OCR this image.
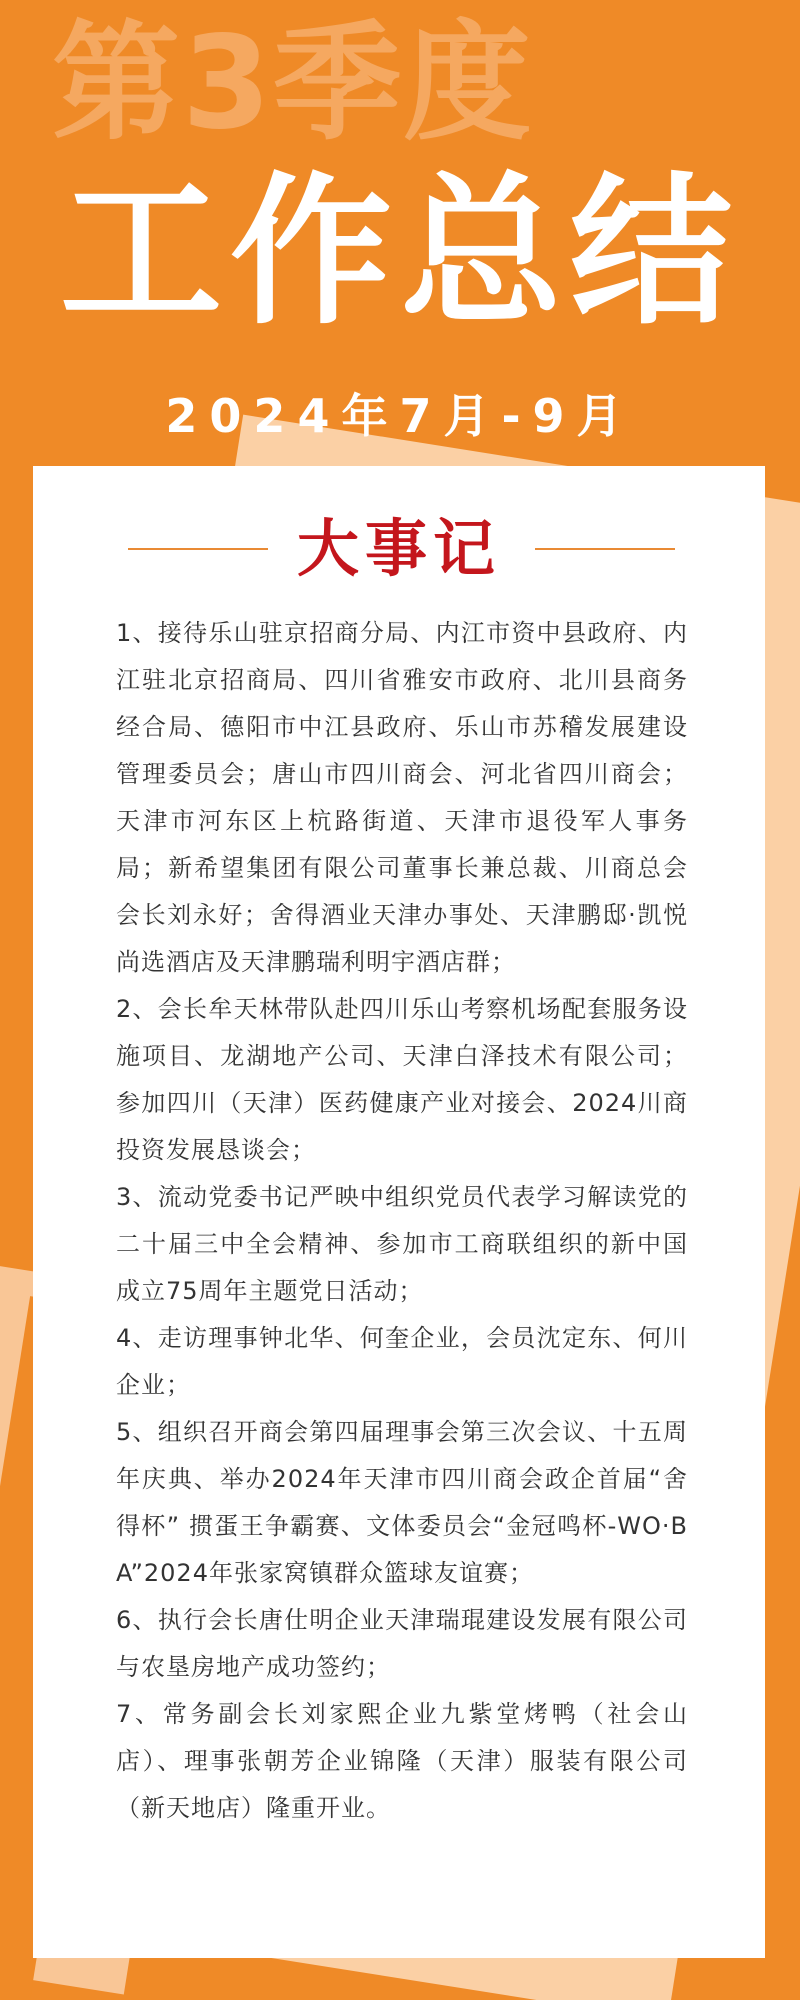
第3季度
工作总结
2024年7月-9月
大事记
1、接待乐山驻京招商分局、内江市资中县政府、内江驻北京招商局、四川省雅安市政府、北川县商务经合局、德阳市中江县政府、乐山市苏稽发展建设管理委员会；唐山市四川商会、河北省四川商会；天津市河东区上杭路街道、天津市退役军人事务局；新希望集团有限公司董事长兼总裁、川商总会会长刘永好；舍得酒业天津办事处、天津鹏邸·凯悦尚选酒店及天津鹏瑞利明宇酒店群；
2、会长牟天林带队赴四川乐山考察机场配套服务设施项目、龙湖地产公司、天津白泽技术有限公司；参加四川（天津）医药健康产业对接会、2024川商投资发展恳谈会；
3、流动党委书记严映中组织党员代表学习解读党的二十届三中全会精神、参加市工商联组织的新中国成立75周年主题党日活动；
4、走访理事钟北华、何奎企业，会员沈定东、何川企业；
5、组织召开商会第四届理事会第三次会议、十五周年庆典、举办2024年天津市四川商会政企首届“舍得杯” 掼蛋王争霸赛、文体委员会“金冠鸣杯-WO·BA”2024年张家窝镇群众篮球友谊赛；
6、执行会长唐仕明企业天津瑞琨建设发展有限公司与农垦房地产成功签约；
7、常务副会长刘家熙企业九紫堂烤鸭（社会山店）、理事张朝芳企业锦隆（天津）服装有限公司（新天地店）隆重开业。
